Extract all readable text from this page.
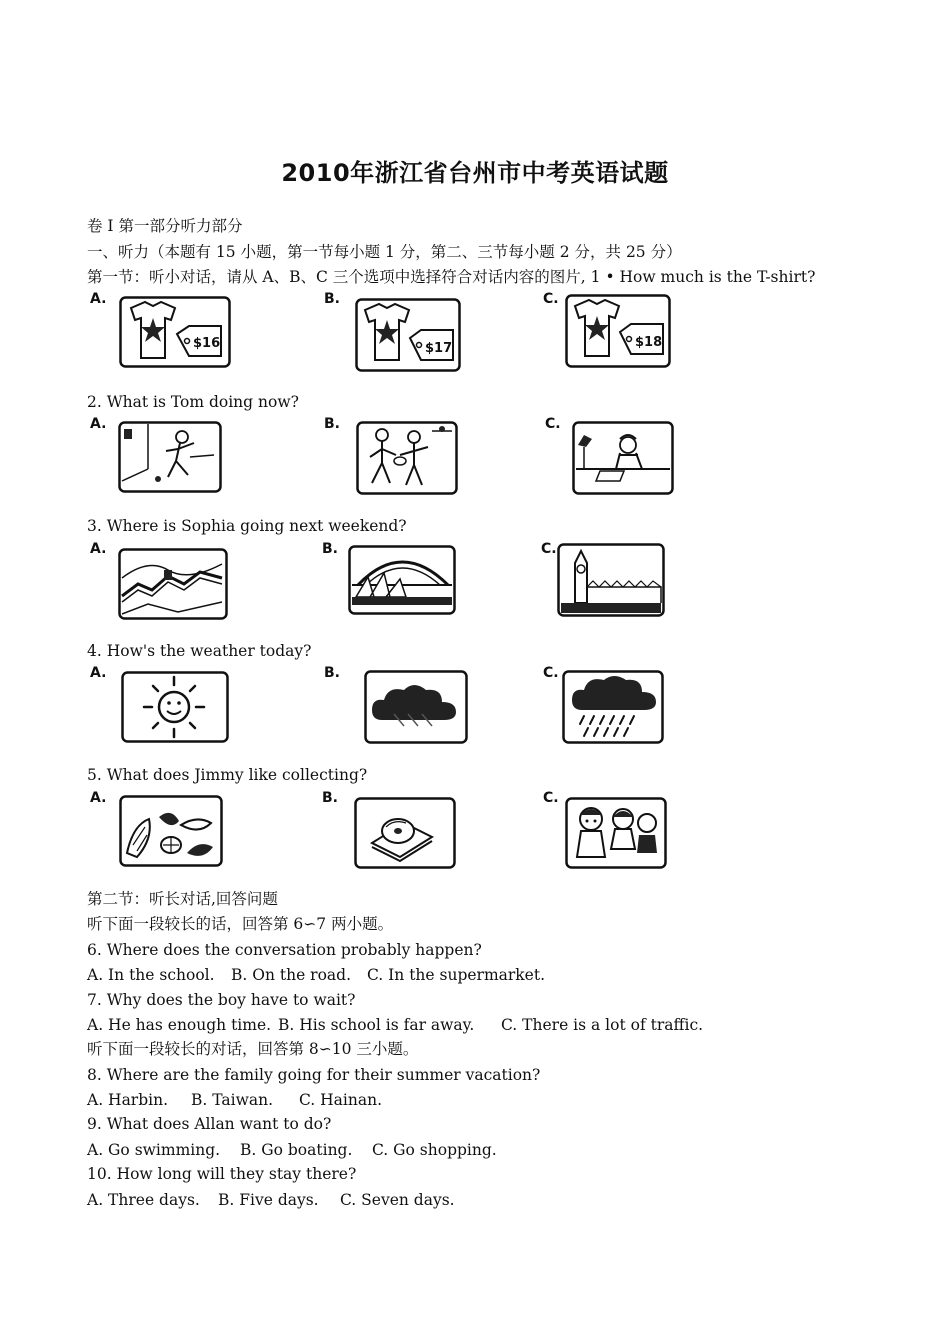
2010年浙江省台州市中考英语试题
卷 I 第一部分听力部分
一、听力（本题有 15 小题，第一节每小题 1 分，第二、三节每小题 2 分，共 25 分）
第一节：听小对话，请从 A、B、C 三个选项中选择符合对话内容的图片, 1 • How much is the T-shirt?
A.	B.	C.
$16	$17	$18
2. What is Tom doing now?
A.	B.	C.
3. Where is Sophia going next weekend?
A.	B.	C.
4. How's the weather today?
A.	B.	C.
5. What does Jimmy like collecting?
A.	B.	C.
第二节：听长对话,回答问题
听下面一段较长的话，回答第 6∽7 两小题。
6. Where does the conversation probably happen?
A. In the school. B. On the road. C. In the supermarket.
7. Why does the boy have to wait?
A. He has enough time. B. His school is far away. C. There is a lot of traffic.
听下面一段较长的对话，回答第 8∽10 三小题。
8. Where are the family going for their summer vacation?
A. Harbin. B. Taiwan. C. Hainan.
9. What does Allan want to do?
A. Go swimming. B. Go boating. C. Go shopping.
10. How long will they stay there?
A. Three days. B. Five days. C. Seven days.
